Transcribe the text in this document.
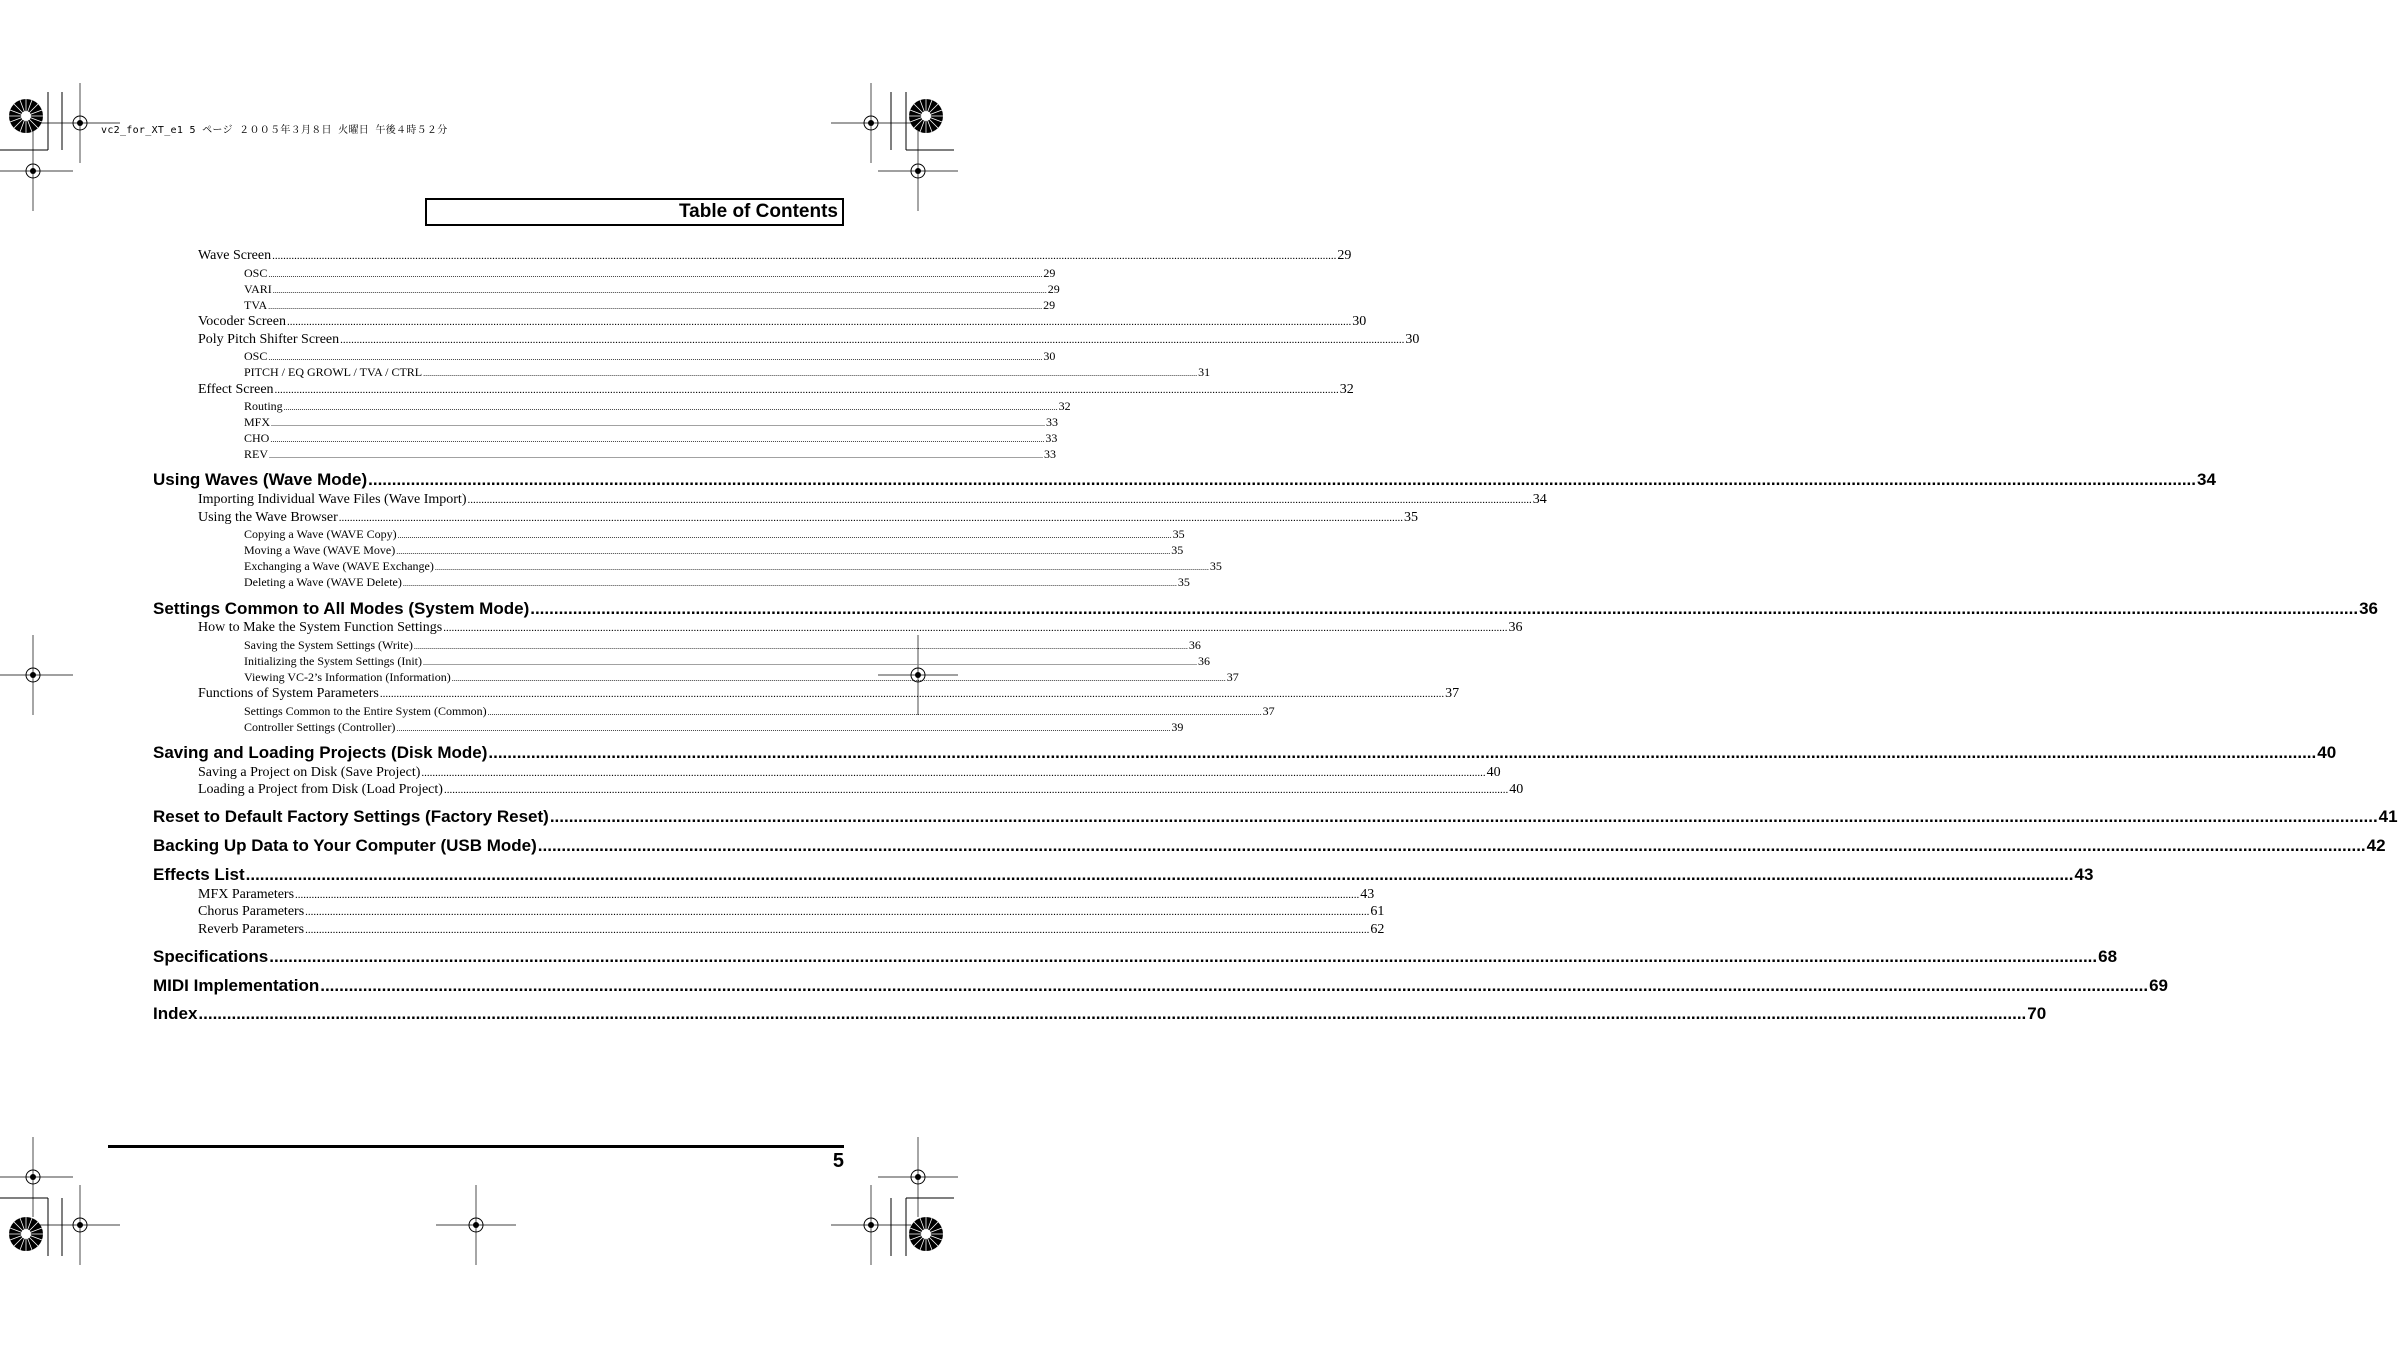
vc2_for_XT_e1 5 ページ ２００５年３月８日 火曜日 午後４時５２分
Table of Contents
Wave Screen .....	29
OSC .....	29
VARI .....	29
TVA .....	29
Vocoder Screen .....	30
Poly Pitch Shifter Screen .....	30
OSC .....	30
PITCH / EQ GROWL / TVA / CTRL .....	31
Effect Screen .....	32
Routing .....	32
MFX .....	33
CHO .....	33
REV .....	33
Using Waves (Wave Mode) .....	34
Importing Individual Wave Files (Wave Import) .....	34
Using the Wave Browser .....	35
Copying a Wave (WAVE Copy) .....	35
Moving a Wave (WAVE Move) .....	35
Exchanging a Wave (WAVE Exchange) .....	35
Deleting a Wave (WAVE Delete) .....	35
Settings Common to All Modes (System Mode) .....	36
How to Make the System Function Settings .....	36
Saving the System Settings (Write) .....	36
Initializing the System Settings (Init) .....	36
Viewing VC-2’s Information (Information) .....	37
Functions of System Parameters .....	37
Settings Common to the Entire System (Common) .....	37
Controller Settings (Controller) .....	39
Saving and Loading Projects (Disk Mode) .....	40
Saving a Project on Disk (Save Project) .....	40
Loading a Project from Disk (Load Project) .....	40
Reset to Default Factory Settings (Factory Reset) .....	41
Backing Up Data to Your Computer (USB Mode) .....	42
Effects List .....	43
MFX Parameters .....	43
Chorus Parameters .....	61
Reverb Parameters .....	62
Specifications .....	68
MIDI Implementation .....	69
Index .....	70
5
